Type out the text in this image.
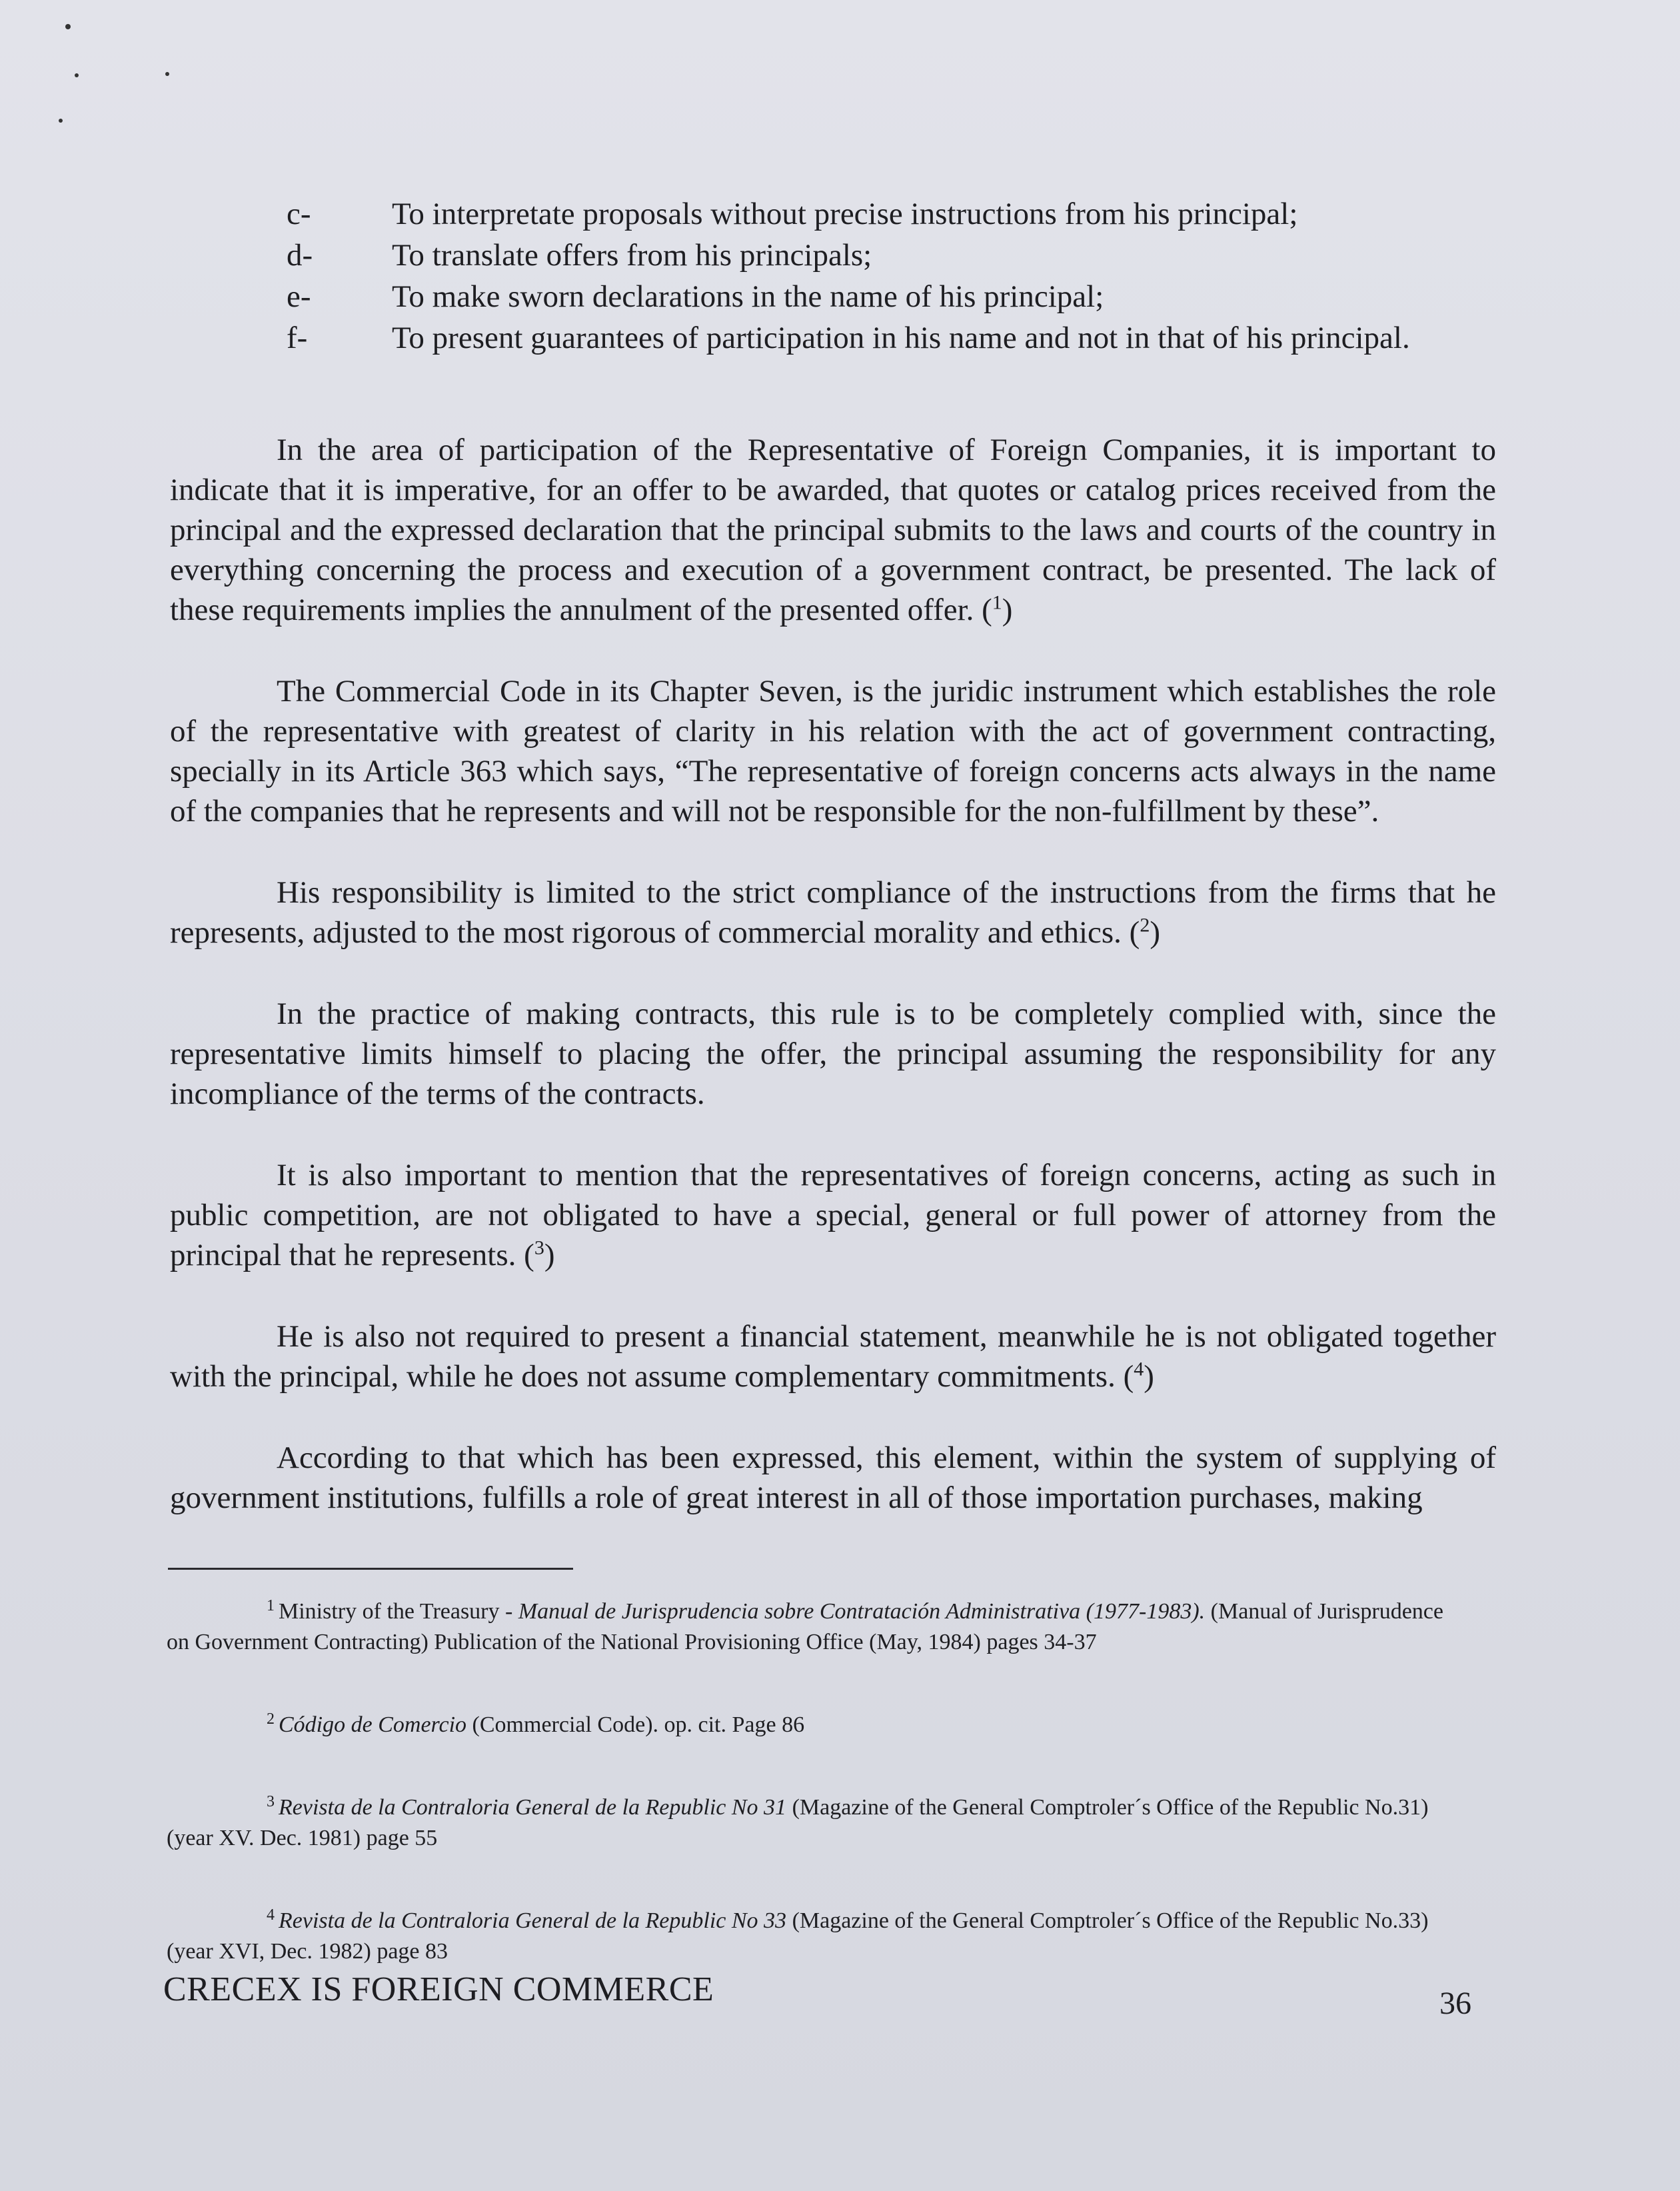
c-	To interpretate proposals without precise instructions from his principal;
d-	To translate offers from his principals;
e-	To make sworn declarations in the name of his principal;
f-	To present guarantees of participation in his name and not in that of his principal.

In the area of participation of the Representative of Foreign Companies, it is important to indicate that it is imperative, for an offer to be awarded, that quotes or catalog prices received from the principal and the expressed declaration that the principal submits to the laws and courts of the country in everything concerning the process and execution of a government contract, be presented. The lack of these requirements implies the annulment of the presented offer. ($^1$)

The Commercial Code in its Chapter Seven, is the juridic instrument which establishes the role of the representative with greatest of clarity in his relation with the act of government contracting, specially in its Article 363 which says, “The representative of foreign concerns acts always in the name of the companies that he represents and will not be responsible for the non-fulfillment by these”.

His responsibility is limited to the strict compliance of the instructions from the firms that he represents, adjusted to the most rigorous of commercial morality and ethics. ($^2$)

In the practice of making contracts, this rule is to be completely complied with, since the representative limits himself to placing the offer, the principal assuming the responsibility for any incompliance of the terms of the contracts.

It is also important to mention that the representatives of foreign concerns, acting as such in public competition, are not obligated to have a special, general or full power of attorney from the principal that he represents. ($^3$)

He is also not required to present a financial statement, meanwhile he is not obligated together with the principal, while he does not assume complementary commitments. ($^4$)

According to that which has been expressed, this element, within the system of supplying of government institutions, fulfills a role of great interest in all of those importation purchases, making

$^1$ Ministry of the Treasury - Manual de Jurisprudencia sobre Contratación Administrativa (1977-1983). (Manual of Jurisprudence on Government Contracting) Publication of the National Provisioning Office (May, 1984) pages 34-37

$^2$ Código de Comercio (Commercial Code). op. cit. Page 86

$^3$ Revista de la Contraloria General de la Republic No 31 (Magazine of the General Comptroler´s Office of the Republic No.31) (year XV. Dec. 1981) page 55

$^4$ Revista de la Contraloria General de la Republic No 33 (Magazine of the General Comptroler´s Office of the Republic No.33) (year XVI, Dec. 1982) page 83

CRECEX IS FOREIGN COMMERCE	36
